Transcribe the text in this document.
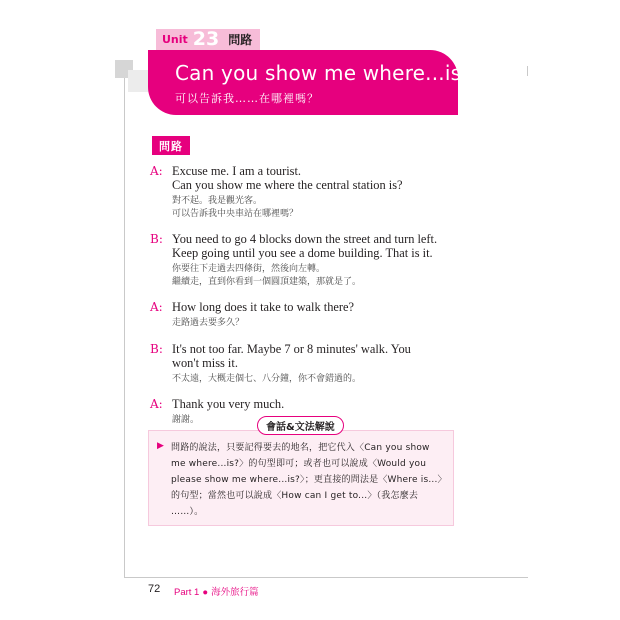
Unit 23 問路
Can you show me where...is?
可以告訴我……在哪裡嗎？
問路
A: Excuse me. I am a tourist.
Can you show me where the central station is?
對不起。我是觀光客。
可以告訴我中央車站在哪裡嗎？
B: You need to go 4 blocks down the street and turn left.
Keep going until you see a dome building. That is it.
你要往下走過去四條街，然後向左轉。
繼續走，直到你看到一個圓頂建築，那就是了。
A: How long does it take to walk there?
走路過去要多久？
B: It's not too far. Maybe 7 or 8 minutes' walk. You
won't miss it.
不太遠，大概走個七、八分鐘，你不會錯過的。
A: Thank you very much.
謝謝。
▶ 問路的說法，只要記得要去的地名，把它代入〈Can you show
me where...is?〉的句型即可；或者也可以說成〈Would you
please show me where...is?〉；更直接的問法是〈Where is...〉
的句型；當然也可以說成〈How can I get to...〉（我怎麼去
……）。
會話&文法解說
72 Part 1 ● 海外旅行篇
